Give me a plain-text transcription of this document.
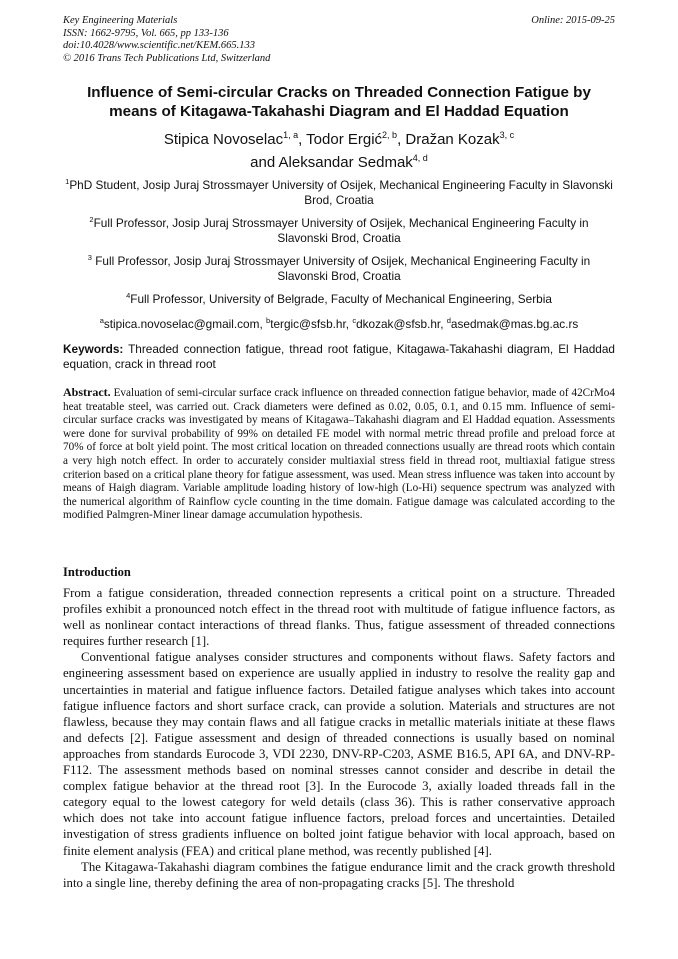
Key Engineering Materials
ISSN: 1662-9795, Vol. 665, pp 133-136
doi:10.4028/www.scientific.net/KEM.665.133
© 2016 Trans Tech Publications Ltd, Switzerland
Online: 2015-09-25
Influence of Semi-circular Cracks on Threaded Connection Fatigue by means of Kitagawa-Takahashi Diagram and El Haddad Equation
Stipica Novoselac$^{1, a}$, Todor Ergić$^{2, b}$, Dražan Kozak$^{3, c}$
and Aleksandar Sedmak$^{4, d}$
$^1$PhD Student, Josip Juraj Strossmayer University of Osijek, Mechanical Engineering Faculty in Slavonski Brod, Croatia
$^2$Full Professor, Josip Juraj Strossmayer University of Osijek, Mechanical Engineering Faculty in Slavonski Brod, Croatia
$^3$ Full Professor, Josip Juraj Strossmayer University of Osijek, Mechanical Engineering Faculty in Slavonski Brod, Croatia
$^4$Full Professor, University of Belgrade, Faculty of Mechanical Engineering, Serbia
$^a$stipica.novoselac@gmail.com, $^b$tergic@sfsb.hr, $^c$dkozak@sfsb.hr, $^d$asedmak@mas.bg.ac.rs
Keywords: Threaded connection fatigue, thread root fatigue, Kitagawa-Takahashi diagram, El Haddad equation, crack in thread root
Abstract. Evaluation of semi-circular surface crack influence on threaded connection fatigue behavior, made of 42CrMo4 heat treatable steel, was carried out. Crack diameters were defined as 0.02, 0.05, 0.1, and 0.15 mm. Influence of semi-circular surface cracks was investigated by means of Kitagawa–Takahashi diagram and El Haddad equation. Assessments were done for survival probability of 99% on detailed FE model with normal metric thread profile and preload force at 70% of force at bolt yield point. The most critical location on threaded connections usually are thread roots which contain a very high notch effect. In order to accurately consider multiaxial stress field in thread root, multiaxial fatigue stress criterion based on a critical plane theory for fatigue assessment, was used. Mean stress influence was taken into account by means of Haigh diagram. Variable amplitude loading history of low-high (Lo-Hi) sequence spectrum was analyzed with the numerical algorithm of Rainflow cycle counting in the time domain. Fatigue damage was calculated according to the modified Palmgren-Miner linear damage accumulation hypothesis.
Introduction

From a fatigue consideration, threaded connection represents a critical point on a structure. Threaded profiles exhibit a pronounced notch effect in the thread root with multitude of fatigue influence factors, as well as nonlinear contact interactions of thread flanks. Thus, fatigue assessment of threaded connections requires further research [1].

Conventional fatigue analyses consider structures and components without flaws. Safety factors and engineering assessment based on experience are usually applied in industry to resolve the reality gap and uncertainties in material and fatigue influence factors. Detailed fatigue analyses which takes into account fatigue influence factors and short surface crack, can provide a solution. Materials and structures are not flawless, because they may contain flaws and all fatigue cracks in metallic materials initiate at these flaws and defects [2]. Fatigue assessment and design of threaded connections is usually based on nominal approaches from standards Eurocode 3, VDI 2230, DNV-RP-C203, ASME B16.5, API 6A, and DNV-RP-F112. The assessment methods based on nominal stresses cannot consider and describe in detail the complex fatigue behavior at the thread root [3]. In the Eurocode 3, axially loaded threads fall in the category equal to the lowest category for weld details (class 36). This is rather conservative approach which does not take into account fatigue influence factors, preload forces and uncertainties. Detailed investigation of stress gradients influence on bolted joint fatigue behavior with local approach, based on finite element analysis (FEA) and critical plane method, was recently published [4].

The Kitagawa-Takahashi diagram combines the fatigue endurance limit and the crack growth threshold into a single line, thereby defining the area of non-propagating cracks [5]. The threshold
